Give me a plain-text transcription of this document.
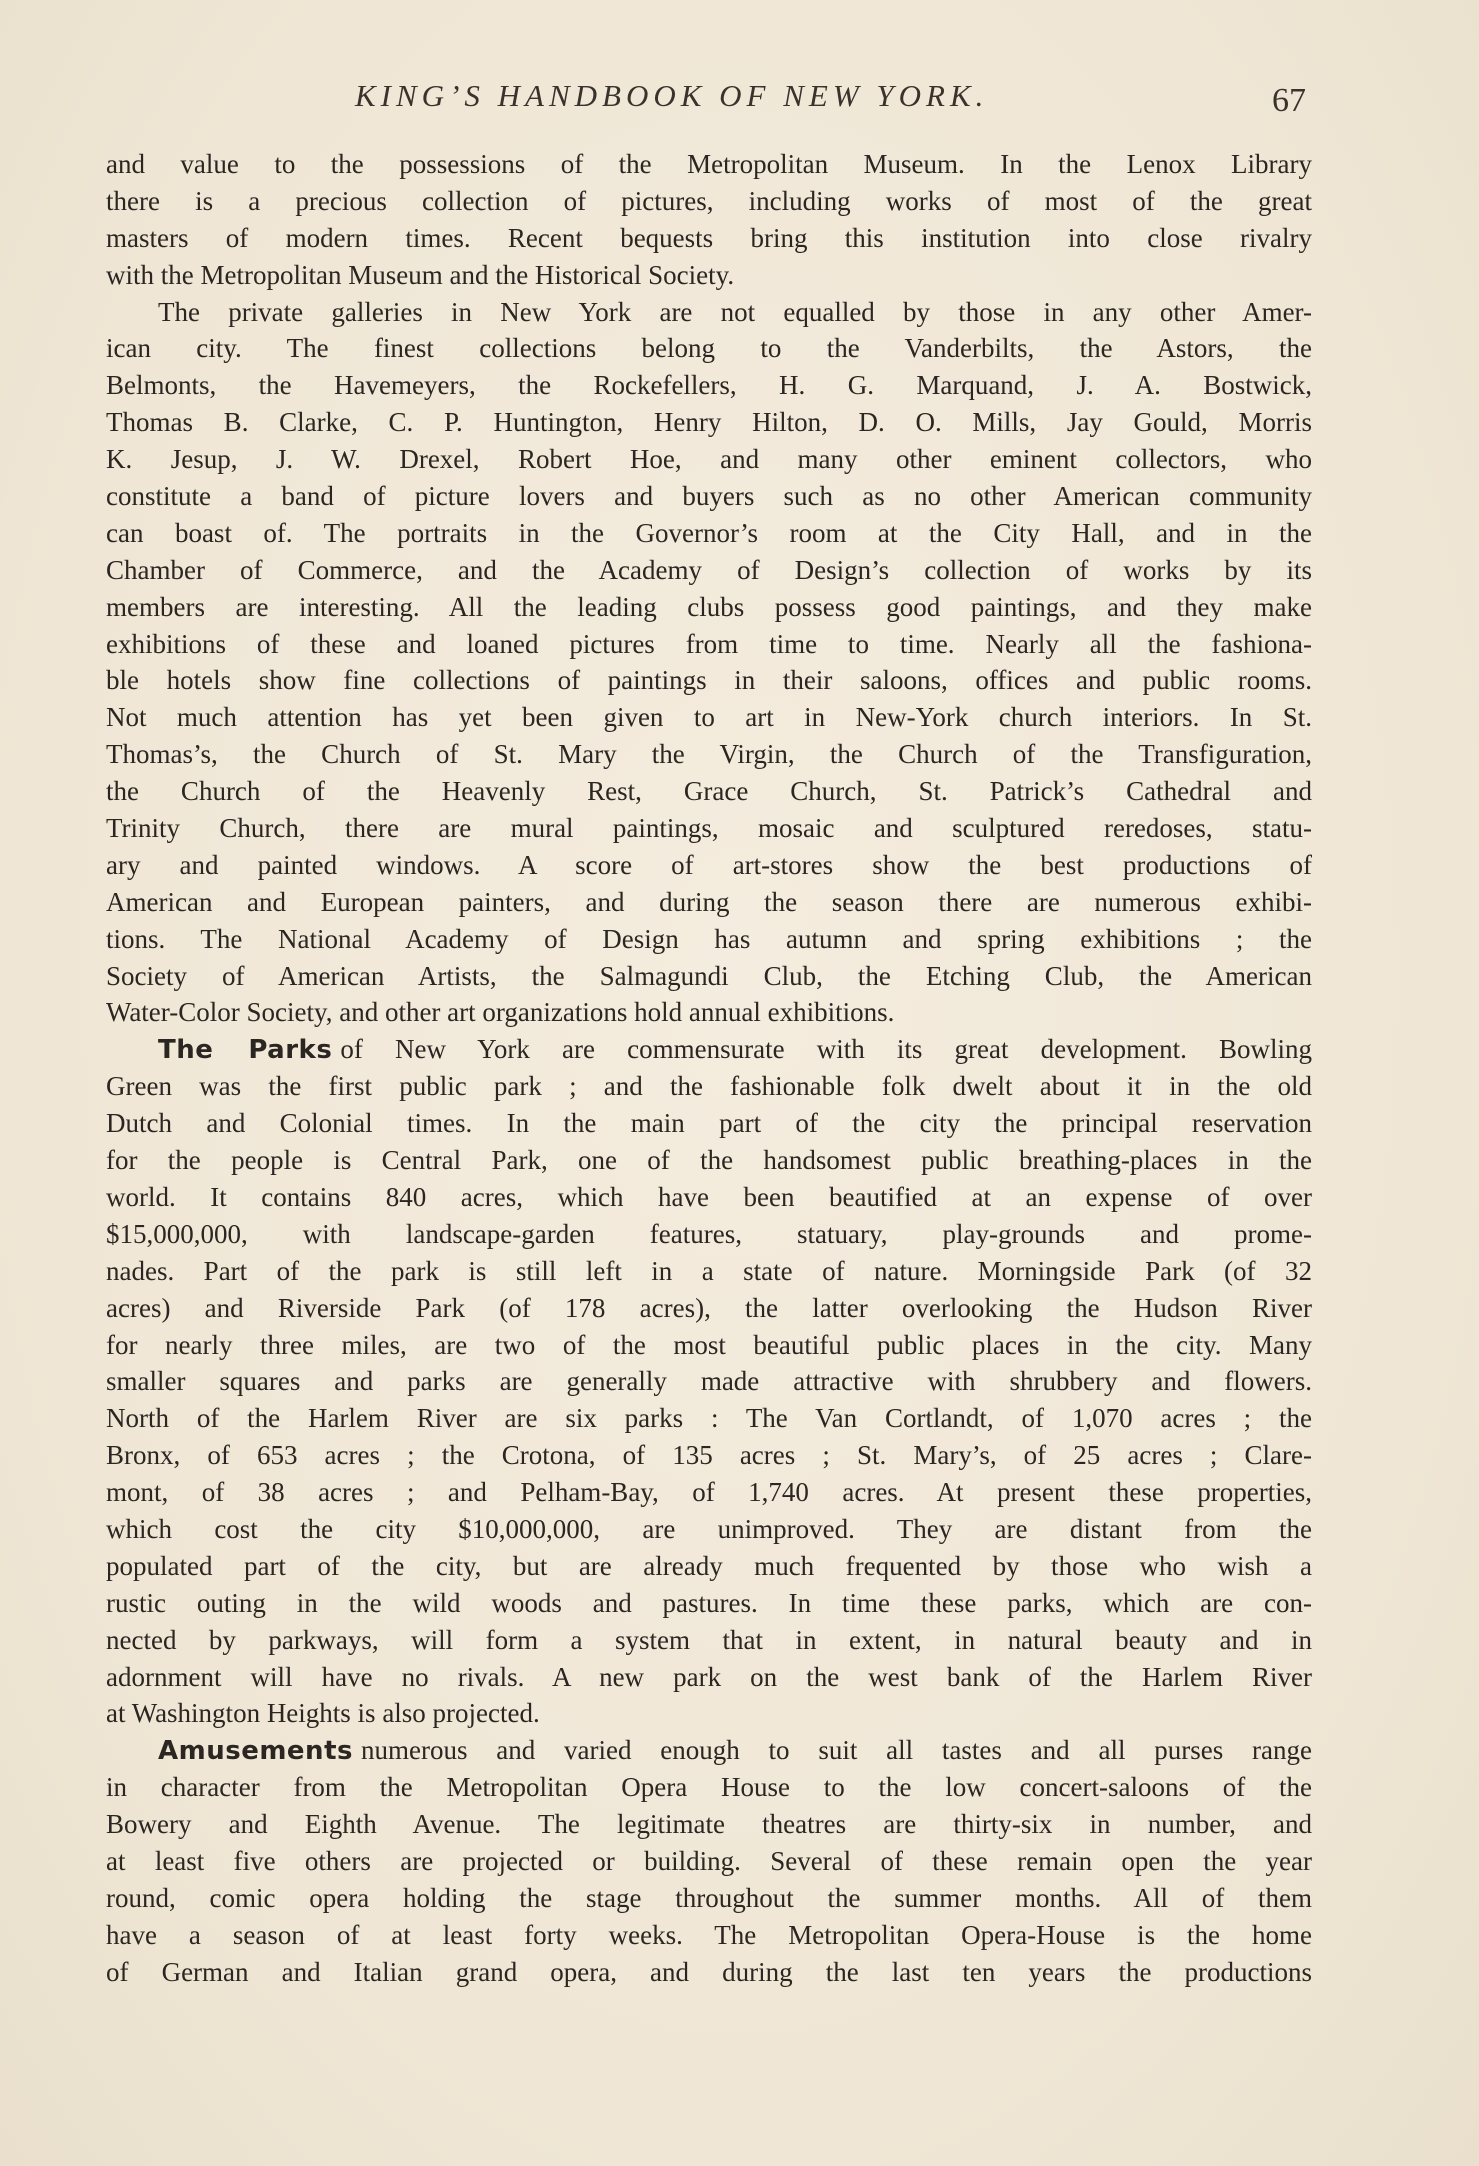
KING’S HANDBOOK OF NEW YORK.	67
and value to the possessions of the Metropolitan Museum. In the Lenox Library
there is a precious collection of pictures, including works of most of the great
masters of modern times. Recent bequests bring this institution into close rivalry
with the Metropolitan Museum and the Historical Society.
The private galleries in New York are not equalled by those in any other Amer-
ican city. The finest collections belong to the Vanderbilts, the Astors, the
Belmonts, the Havemeyers, the Rockefellers, H. G. Marquand, J. A. Bostwick,
Thomas B. Clarke, C. P. Huntington, Henry Hilton, D. O. Mills, Jay Gould, Morris
K. Jesup, J. W. Drexel, Robert Hoe, and many other eminent collectors, who
constitute a band of picture lovers and buyers such as no other American community
can boast of. The portraits in the Governor’s room at the City Hall, and in the
Chamber of Commerce, and the Academy of Design’s collection of works by its
members are interesting. All the leading clubs possess good paintings, and they make
exhibitions of these and loaned pictures from time to time. Nearly all the fashiona-
ble hotels show fine collections of paintings in their saloons, offices and public rooms.
Not much attention has yet been given to art in New-York church interiors. In St.
Thomas’s, the Church of St. Mary the Virgin, the Church of the Transfiguration,
the Church of the Heavenly Rest, Grace Church, St. Patrick’s Cathedral and
Trinity Church, there are mural paintings, mosaic and sculptured reredoses, statu-
ary and painted windows. A score of art-stores show the best productions of
American and European painters, and during the season there are numerous exhibi-
tions. The National Academy of Design has autumn and spring exhibitions ; the
Society of American Artists, the Salmagundi Club, the Etching Club, the American
Water-Color Society, and other art organizations hold annual exhibitions.
The Parks of New York are commensurate with its great development. Bowling
Green was the first public park ; and the fashionable folk dwelt about it in the old
Dutch and Colonial times. In the main part of the city the principal reservation
for the people is Central Park, one of the handsomest public breathing-places in the
world. It contains 840 acres, which have been beautified at an expense of over
$15,000,000, with landscape-garden features, statuary, play-grounds and prome-
nades. Part of the park is still left in a state of nature. Morningside Park (of 32
acres) and Riverside Park (of 178 acres), the latter overlooking the Hudson River
for nearly three miles, are two of the most beautiful public places in the city. Many
smaller squares and parks are generally made attractive with shrubbery and flowers.
North of the Harlem River are six parks : The Van Cortlandt, of 1,070 acres ; the
Bronx, of 653 acres ; the Crotona, of 135 acres ; St. Mary’s, of 25 acres ; Clare-
mont, of 38 acres ; and Pelham-Bay, of 1,740 acres. At present these properties,
which cost the city $10,000,000, are unimproved. They are distant from the
populated part of the city, but are already much frequented by those who wish a
rustic outing in the wild woods and pastures. In time these parks, which are con-
nected by parkways, will form a system that in extent, in natural beauty and in
adornment will have no rivals. A new park on the west bank of the Harlem River
at Washington Heights is also projected.
Amusements numerous and varied enough to suit all tastes and all purses range
in character from the Metropolitan Opera House to the low concert-saloons of the
Bowery and Eighth Avenue. The legitimate theatres are thirty-six in number, and
at least five others are projected or building. Several of these remain open the year
round, comic opera holding the stage throughout the summer months. All of them
have a season of at least forty weeks. The Metropolitan Opera-House is the home
of German and Italian grand opera, and during the last ten years the productions
